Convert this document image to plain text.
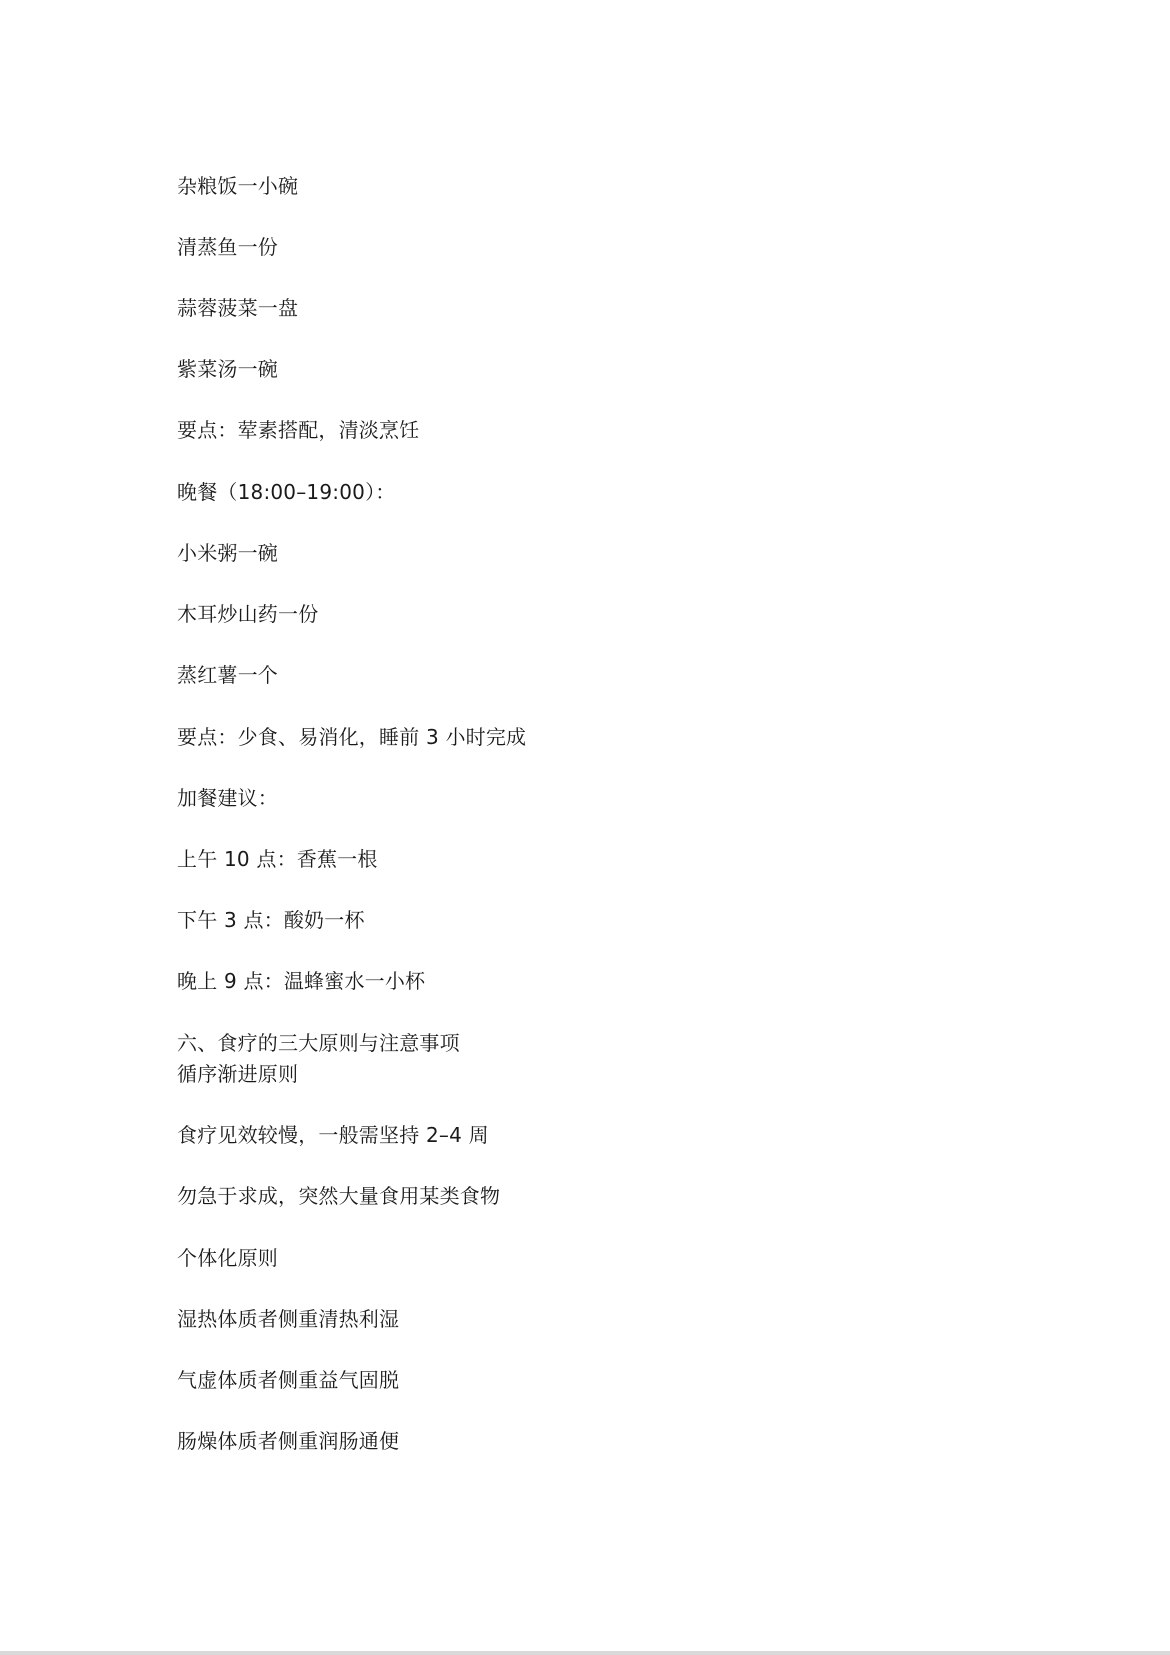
杂粮饭一小碗

清蒸鱼一份

蒜蓉菠菜一盘

紫菜汤一碗

要点：荤素搭配，清淡烹饪

晚餐（18:00–19:00）：

小米粥一碗

木耳炒山药一份

蒸红薯一个

要点：少食、易消化，睡前 3 小时完成

加餐建议：

上午 10 点：香蕉一根

下午 3 点：酸奶一杯

晚上 9 点：温蜂蜜水一小杯

六、食疗的三大原则与注意事项

循序渐进原则

食疗见效较慢，一般需坚持 2–4 周

勿急于求成，突然大量食用某类食物

个体化原则

湿热体质者侧重清热利湿

气虚体质者侧重益气固脱

肠燥体质者侧重润肠通便
